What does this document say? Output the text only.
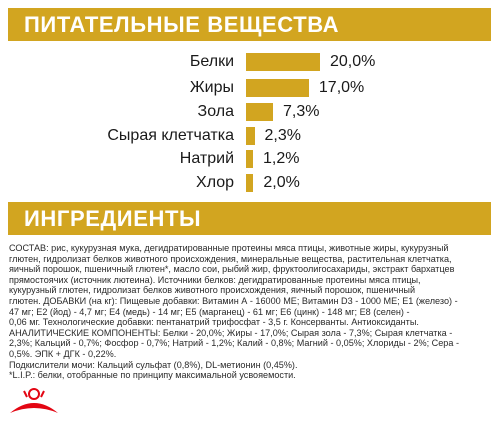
ПИТАТЕЛЬНЫЕ ВЕЩЕСТВА
Белки	20,0%
Жиры	17,0%
Зола	7,3%
Сырая клетчатка 2,3%
Натрий 1,2%
Хлор 2,0%
ИНГРЕДИЕНТЫ

СОСТАВ: рис, кукурузная мука, дегидратированные протеины мяса птицы, животные жиры, кукурузный

глютен, гидролизат белков животного происхождения, минеральные вещества, растительная клетчатка,

яичный порошок, пшеничный глютен*, масло сои, рыбий жир, фруктоолигосахариды, экстракт бархатцев

прямостоячих (источник лютеина). Источники белков: дегидратированные протеины мяса птицы,

кукурузный глютен, гидролизат белков животного происхождения, яичный порошок, пшеничный

глютен. ДОБАВКИ (на кг): Пищевые добавки: Витамин А - 16000 МЕ; Витамин D3 - 1000 МЕ; Е1 (железо) -

47 мг; Е2 (йод) - 4,7 мг; Е4 (медь) - 14 мг; Е5 (марганец) - 61 мг; Е6 (цинк) - 148 мг; Е8 (селен) -

0,06 мг. Технологические добавки: пентанатрий трифосфат - 3,5 г. Консерванты. Антиоксиданты.

АНАЛИТИЧЕСКИЕ КОМПОНЕНТЫ: Белки - 20,0%; Жиры - 17,0%; Сырая зола - 7,3%; Сырая клетчатка -

2,3%; Кальций - 0,7%; Фосфор - 0,7%; Натрий - 1,2%; Калий - 0,8%; Магний - 0,05%; Хлориды - 2%; Сера -

0,5%. ЭПК + ДГК - 0,22%.

Подкислители мочи: Кальций сульфат (0,8%), DL-метионин (0,45%).

*L.I.P.: белки, отобранные по принципу максимальной усвояемости.
